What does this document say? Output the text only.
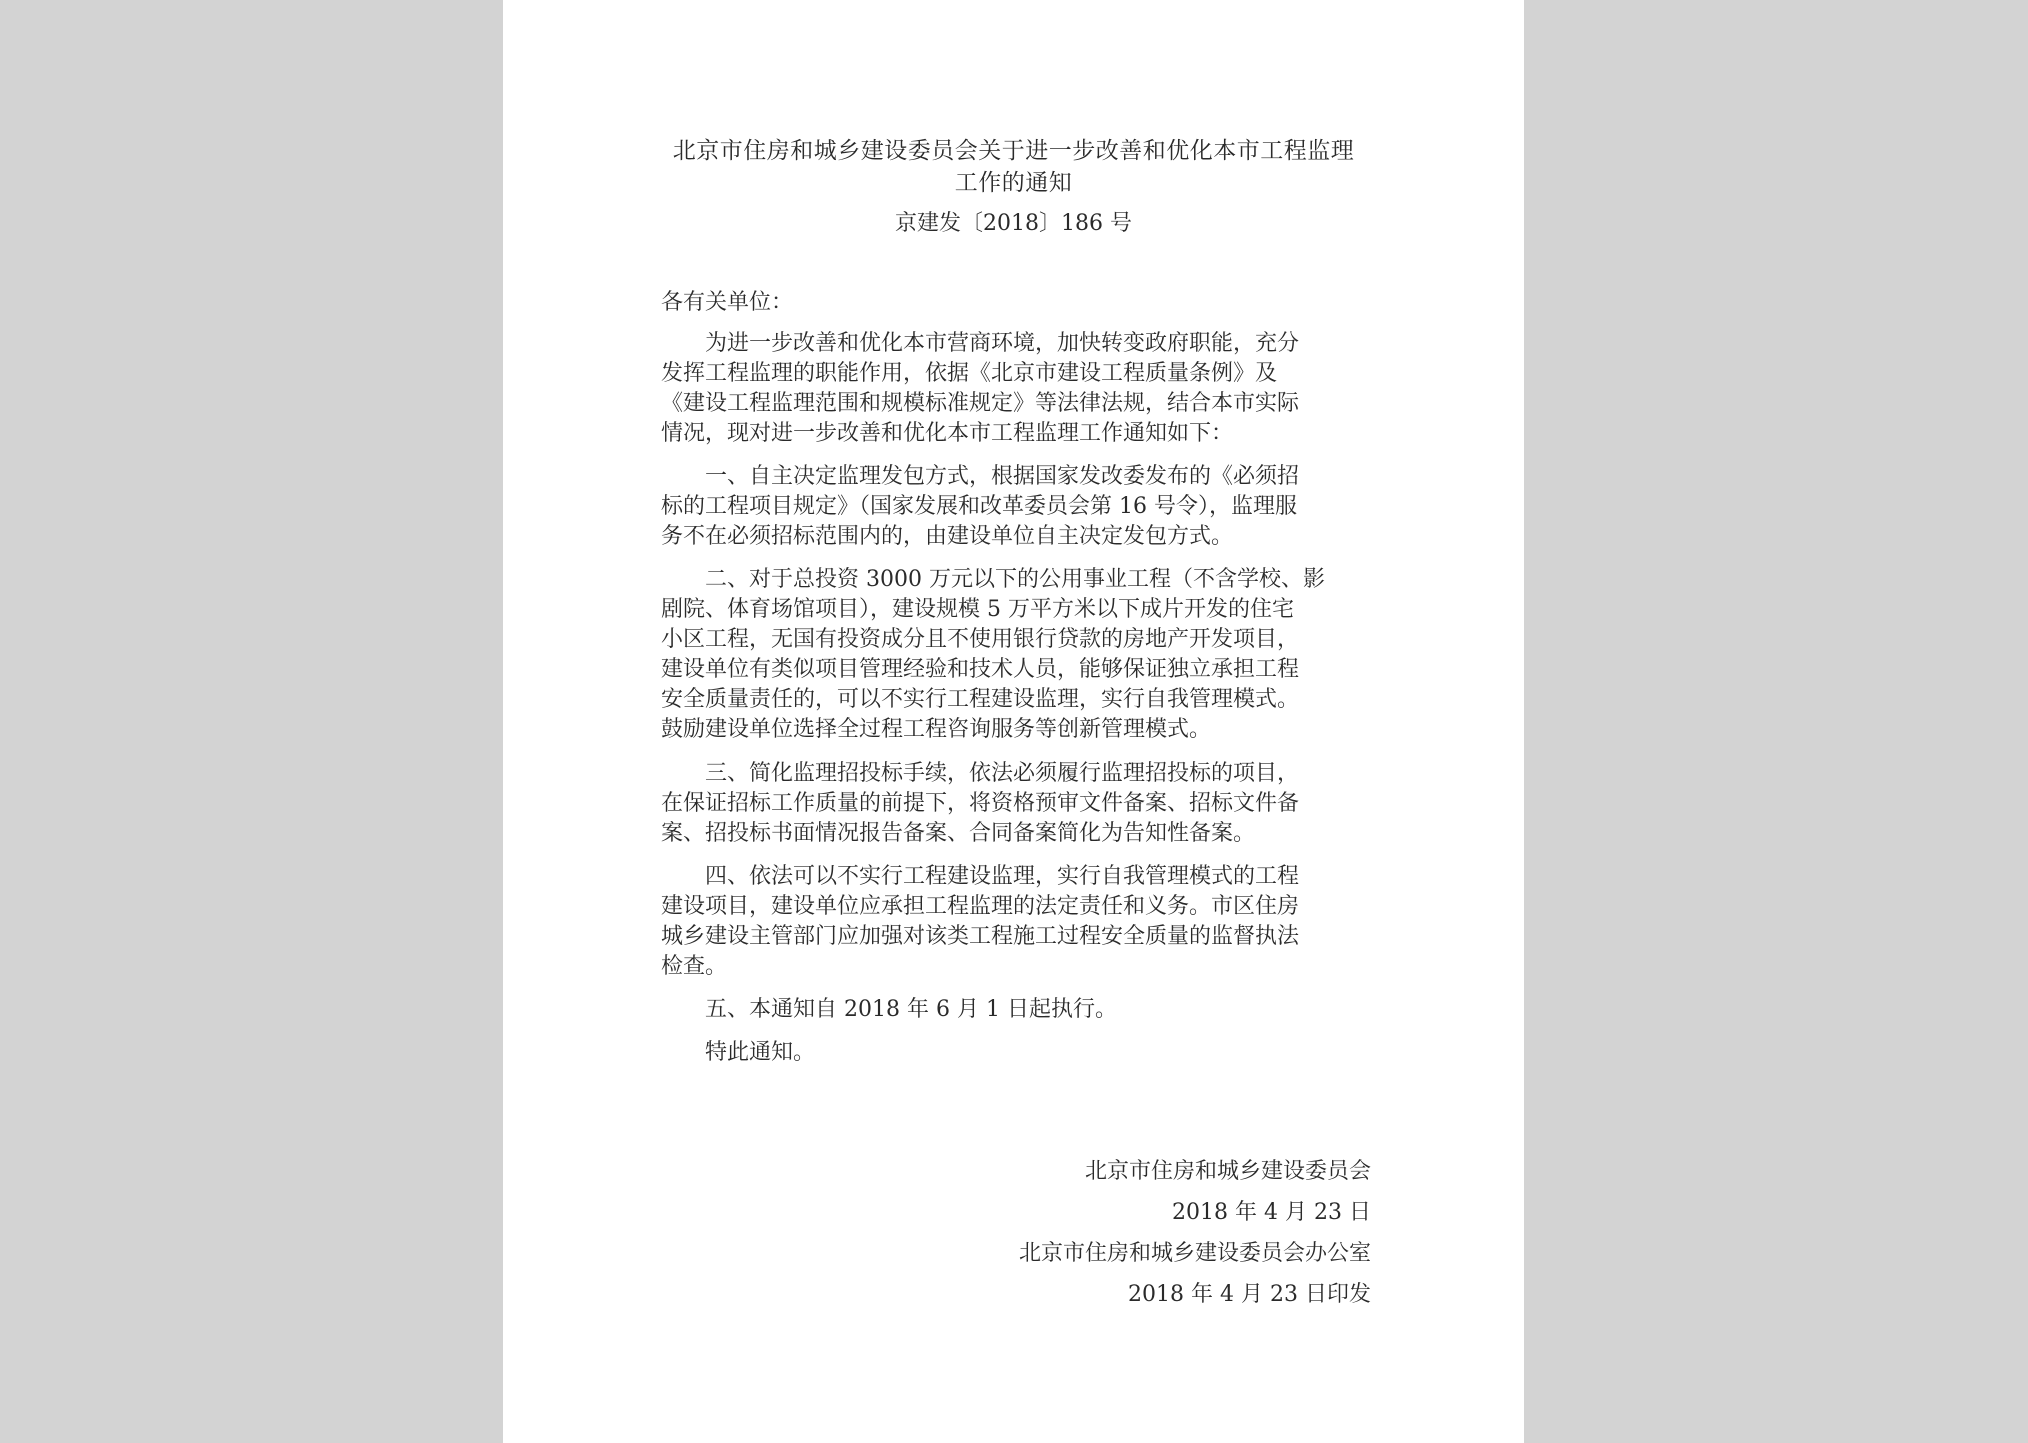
北京市住房和城乡建设委员会关于进一步改善和优化本市工程监理
工作的通知
京建发〔2018〕186 号
各有关单位：
　　为进一步改善和优化本市营商环境，加快转变政府职能，充分
发挥工程监理的职能作用，依据《北京市建设工程质量条例》及
《建设工程监理范围和规模标准规定》等法律法规，结合本市实际
情况，现对进一步改善和优化本市工程监理工作通知如下：
　　一、自主决定监理发包方式，根据国家发改委发布的《必须招
标的工程项目规定》（国家发展和改革委员会第 16 号令），监理服
务不在必须招标范围内的，由建设单位自主决定发包方式。
　　二、对于总投资 3000 万元以下的公用事业工程（不含学校、影
剧院、体育场馆项目），建设规模 5 万平方米以下成片开发的住宅
小区工程，无国有投资成分且不使用银行贷款的房地产开发项目，
建设单位有类似项目管理经验和技术人员，能够保证独立承担工程
安全质量责任的，可以不实行工程建设监理，实行自我管理模式。
鼓励建设单位选择全过程工程咨询服务等创新管理模式。
　　三、简化监理招投标手续，依法必须履行监理招投标的项目，
在保证招标工作质量的前提下，将资格预审文件备案、招标文件备
案、招投标书面情况报告备案、合同备案简化为告知性备案。
　　四、依法可以不实行工程建设监理，实行自我管理模式的工程
建设项目，建设单位应承担工程监理的法定责任和义务。市区住房
城乡建设主管部门应加强对该类工程施工过程安全质量的监督执法
检查。
　　五、本通知自 2018 年 6 月 1 日起执行。
　　特此通知。
北京市住房和城乡建设委员会
2018 年 4 月 23 日
北京市住房和城乡建设委员会办公室
2018 年 4 月 23 日印发
